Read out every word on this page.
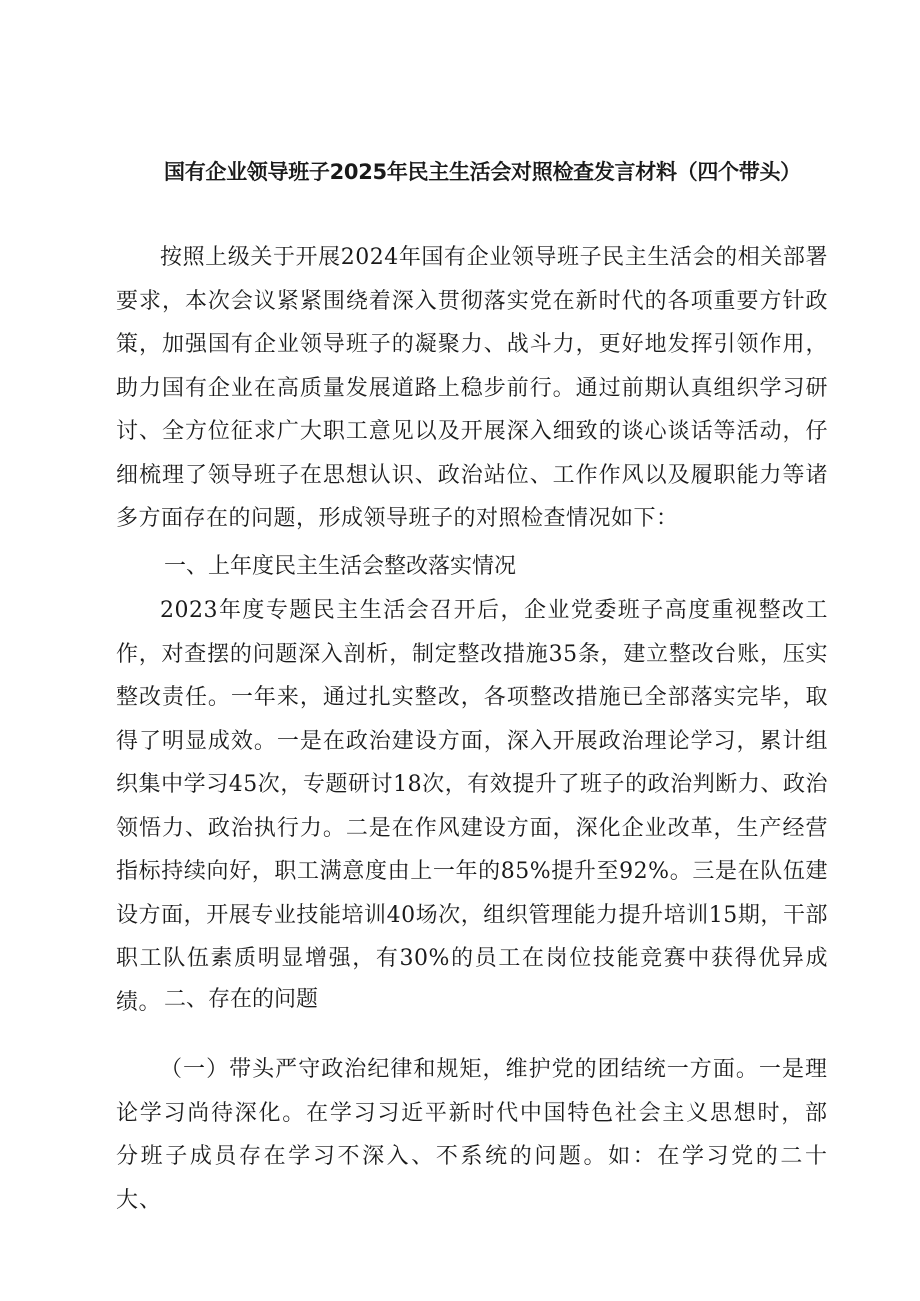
国有企业领导班子2025年民主生活会对照检查发言材料（四个带头）

按照上级关于开展2024年国有企业领导班子民主生活会的相关部署要求，本次会议紧紧围绕着深入贯彻落实党在新时代的各项重要方针政策，加强国有企业领导班子的凝聚力、战斗力，更好地发挥引领作用，助力国有企业在高质量发展道路上稳步前行。通过前期认真组织学习研讨、全方位征求广大职工意见以及开展深入细致的谈心谈话等活动，仔细梳理了领导班子在思想认识、政治站位、工作作风以及履职能力等诸多方面存在的问题，形成领导班子的对照检查情况如下：

一、上年度民主生活会整改落实情况

2023年度专题民主生活会召开后，企业党委班子高度重视整改工作，对查摆的问题深入剖析，制定整改措施35条，建立整改台账，压实整改责任。一年来，通过扎实整改，各项整改措施已全部落实完毕，取得了明显成效。一是在政治建设方面，深入开展政治理论学习，累计组织集中学习45次，专题研讨18次，有效提升了班子的政治判断力、政治领悟力、政治执行力。二是在作风建设方面，深化企业改革，生产经营指标持续向好，职工满意度由上一年的85%提升至92%。三是在队伍建设方面，开展专业技能培训40场次，组织管理能力提升培训15期，干部职工队伍素质明显增强，有30%的员工在岗位技能竞赛中获得优异成绩。 二、存在的问题

（一）带头严守政治纪律和规矩，维护党的团结统一方面。一是理论学习尚待深化。在学习习近平新时代中国特色社会主义思想时，部分班子成员存在学习不深入、不系统的问题。如：在学习党的二十大、
